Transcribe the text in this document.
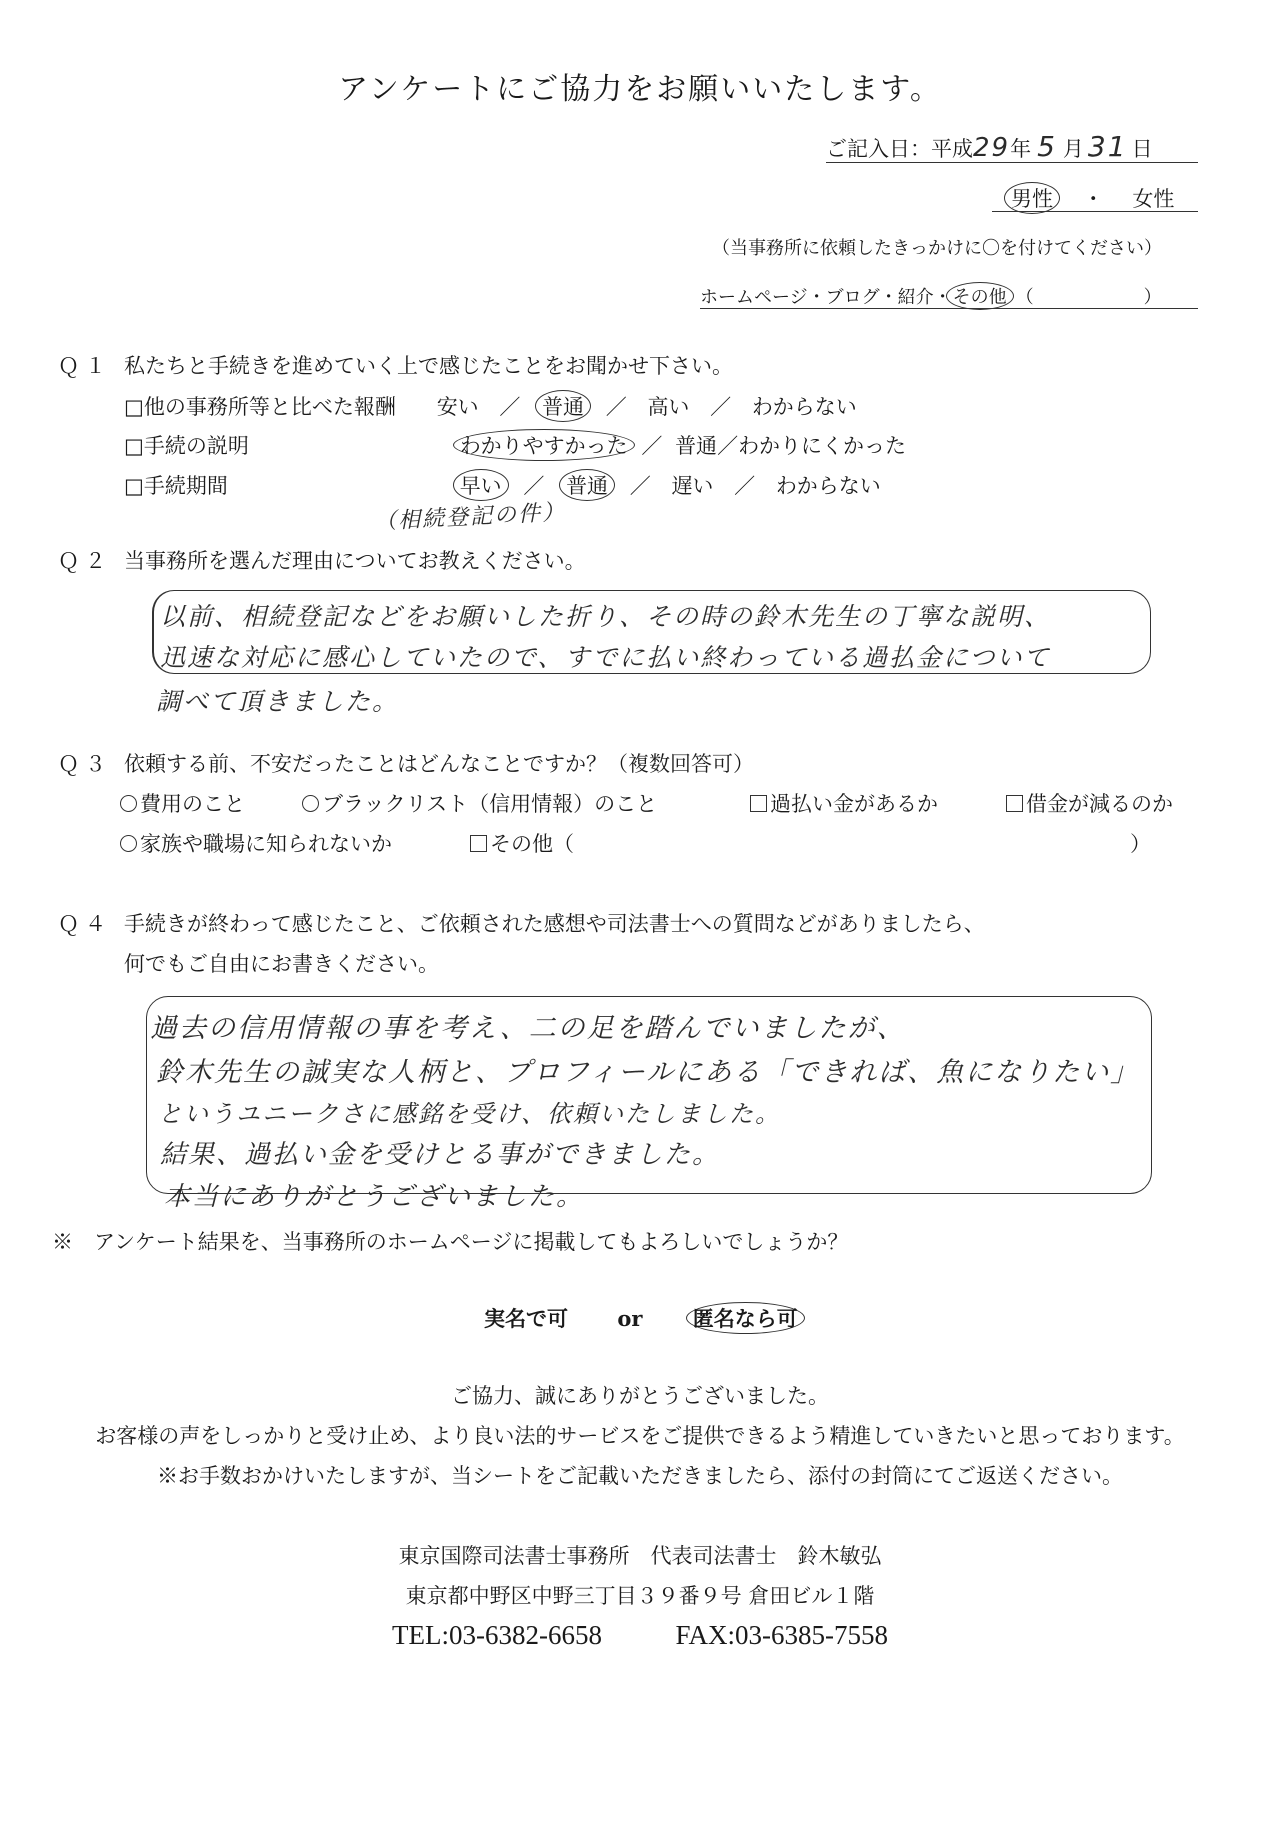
アンケートにご協力をお願いいたします。
ご記入日：平成29年 5 月 31 日
男性 ・ 女性
（当事務所に依頼したきっかけに〇を付けてください）
ホームページ・ブログ・紹介・その他 （	）
Ｑ１ 私たちと手続きを進めていく上で感じたことをお聞かせ下さい。
□他の事務所等と比べた報酬 安い ／ 普通 ／ 高い ／ わからない
□手続の説明	わかりやすかった ／ 普通／わかりにくかった
□手続期間	早い ／ 普通 ／ 遅い ／ わからない
（相続登記の件）
Ｑ２ 当事務所を選んだ理由についてお教えください。
以前、相続登記などをお願いした折り、その時の鈴木先生の丁寧な説明、
迅速な対応に感心していたので、すでに払い終わっている過払金について
調べて頂きました。
Ｑ３ 依頼する前、不安だったことはどんなことですか？（複数回答可）
費用のこと	ブラックリスト（信用情報）のこと	過払い金があるか	借金が減るのか
家族や職場に知られないか	その他（	）
Ｑ４ 手続きが終わって感じたこと、ご依頼された感想や司法書士への質問などがありましたら、
何でもご自由にお書きください。
過去の信用情報の事を考え、二の足を踏んでいましたが、
鈴木先生の誠実な人柄と、プロフィールにある「できれば、魚になりたい」
というユニークさに感銘を受け、依頼いたしました。
結果、過払い金を受けとる事ができました。
本当にありがとうございました。
※　アンケート結果を、当事務所のホームページに掲載してもよろしいでしょうか？
実名で可 or 匿名なら可
ご協力、誠にありがとうございました。
お客様の声をしっかりと受け止め、より良い法的サービスをご提供できるよう精進していきたいと思っております。
※お手数おかけいたしますが、当シートをご記載いただきましたら、添付の封筒にてご返送ください。
東京国際司法書士事務所　代表司法書士　鈴木敏弘
東京都中野区中野三丁目３９番９号 倉田ビル１階
TEL:03-6382-6658	FAX:03-6385-7558
